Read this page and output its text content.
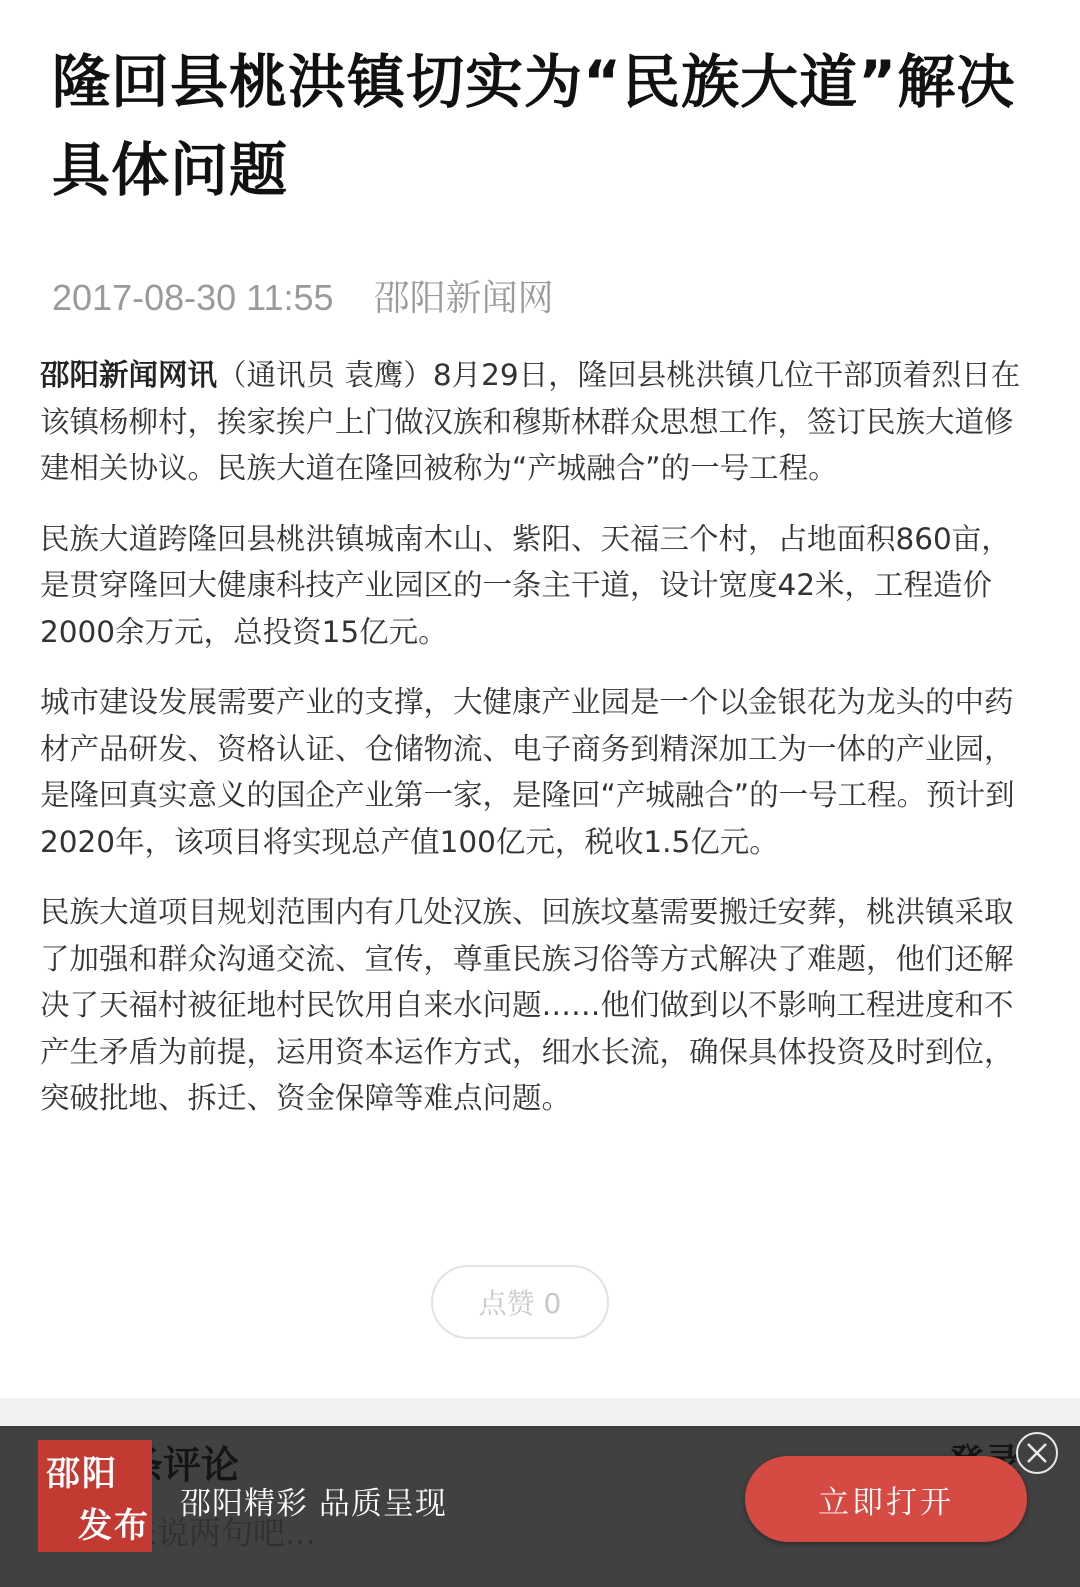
隆回县桃洪镇切实为“民族大道”解决具体问题
2017-08-30 11:55 邵阳新闻网

邵阳新闻网讯（通讯员 袁鹰）8月29日，隆回县桃洪镇几位干部顶着烈日在该镇杨柳村，挨家挨户上门做汉族和穆斯林群众思想工作，签订民族大道修建相关协议。民族大道在隆回被称为“产城融合”的一号工程。

民族大道跨隆回县桃洪镇城南木山、紫阳、天福三个村，占地面积860亩，是贯穿隆回大健康科技产业园区的一条主干道，设计宽度42米，工程造价2000余万元，总投资15亿元。

城市建设发展需要产业的支撑，大健康产业园是一个以金银花为龙头的中药材产品研发、资格认证、仓储物流、电子商务到精深加工为一体的产业园，是隆回真实意义的国企产业第一家，是隆回“产城融合”的一号工程。预计到2020年，该项目将实现总产值100亿元，税收1.5亿元。

民族大道项目规划范围内有几处汉族、回族坟墓需要搬迁安葬，桃洪镇采取了加强和群众沟通交流、宣传，尊重民族习俗等方式解决了难题，他们还解决了天福村被征地村民饮用自来水问题……他们做到以不影响工程进度和不产生矛盾为前提，运用资本运作方式，细水长流，确保具体投资及时到位，突破批地、拆迁、资金保障等难点问题。

点赞 0
邵阳
发布
邵阳精彩 品质呈现	立即打开
